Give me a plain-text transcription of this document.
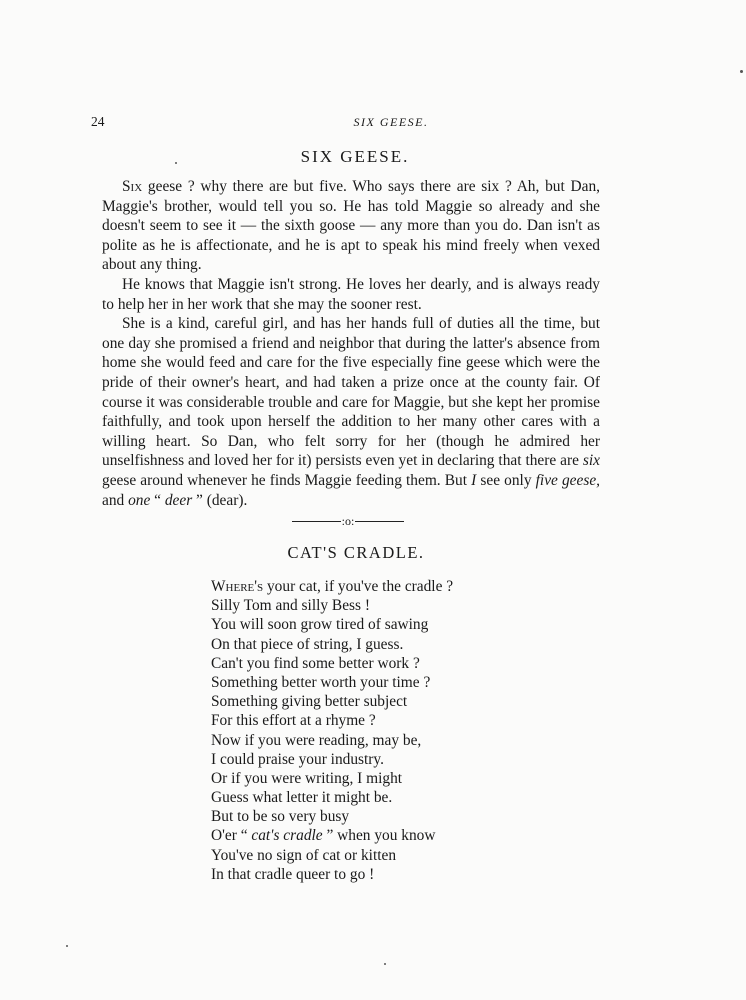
24	SIX GEESE.
SIX GEESE.

Six geese ? why there are but five. Who says there are six ? Ah, but Dan, Maggie's brother, would tell you so. He has told Maggie so already and she doesn't seem to see it — the sixth goose — any more than you do. Dan isn't as polite as he is affectionate, and he is apt to speak his mind freely when vexed about any thing.

He knows that Maggie isn't strong. He loves her dearly, and is always ready to help her in her work that she may the sooner rest.

She is a kind, careful girl, and has her hands full of duties all the time, but one day she promised a friend and neighbor that during the latter's absence from home she would feed and care for the five especially fine geese which were the pride of their owner's heart, and had taken a prize once at the county fair. Of course it was considerable trouble and care for Maggie, but she kept her promise faithfully, and took upon herself the addition to her many other cares with a willing heart. So Dan, who felt sorry for her (though he admired her unselfishness and loved her for it) persists even yet in declaring that there are six geese around whenever he finds Maggie feeding them. But I see only five geese, and one “ deer ” (dear).

:o:
CAT'S CRADLE.
Where's your cat, if you've the cradle ?
Silly Tom and silly Bess !
You will soon grow tired of sawing
On that piece of string, I guess.
Can't you find some better work ?
Something better worth your time ?
Something giving better subject
For this effort at a rhyme ?
Now if you were reading, may be,
I could praise your industry.
Or if you were writing, I might
Guess what letter it might be.
But to be so very busy
O'er “ cat's cradle ” when you know
You've no sign of cat or kitten
In that cradle queer to go !
